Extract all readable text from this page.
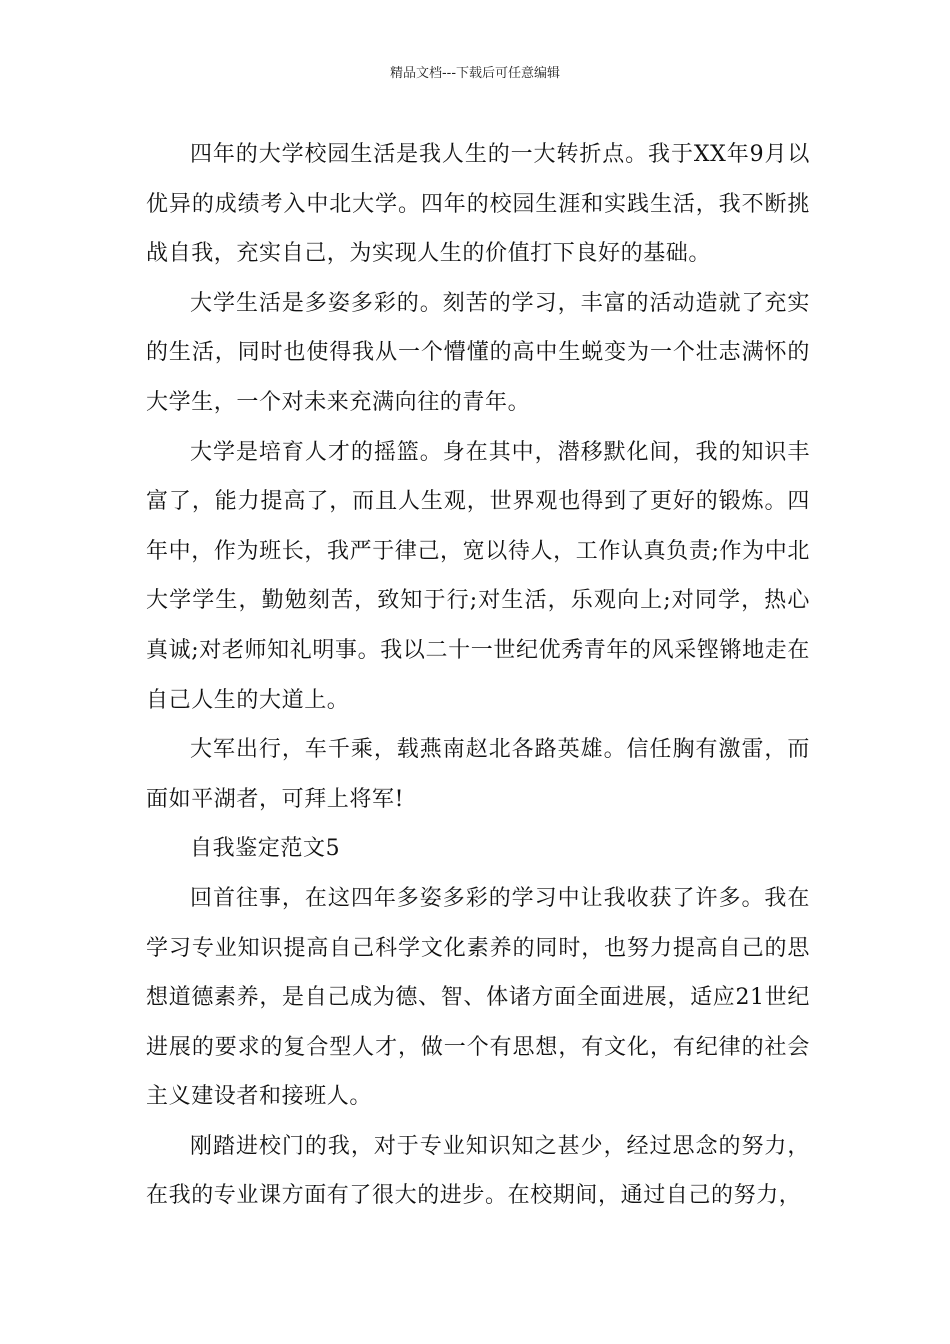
精品文档---下载后可任意编辑

四年的大学校园生活是我人生的一大转折点。我于XX年9月以优异的成绩考入中北大学。四年的校园生涯和实践生活，我不断挑战自我，充实自己，为实现人生的价值打下良好的基础。

大学生活是多姿多彩的。刻苦的学习，丰富的活动造就了充实的生活，同时也使得我从一个懵懂的高中生蜕变为一个壮志满怀的大学生，一个对未来充满向往的青年。

大学是培育人才的摇篮。身在其中，潜移默化间，我的知识丰富了，能力提高了，而且人生观，世界观也得到了更好的锻炼。四年中，作为班长，我严于律己，宽以待人，工作认真负责;作为中北大学学生，勤勉刻苦，致知于行;对生活，乐观向上;对同学，热心真诚;对老师知礼明事。我以二十一世纪优秀青年的风采铿锵地走在自己人生的大道上。

大军出行，车千乘，载燕南赵北各路英雄。信任胸有激雷，而面如平湖者，可拜上将军!

自我鉴定范文5

回首往事，在这四年多姿多彩的学习中让我收获了许多。我在学习专业知识提高自己科学文化素养的同时，也努力提高自己的思想道德素养，是自己成为德、智、体诸方面全面进展，适应21世纪进展的要求的复合型人才，做一个有思想，有文化，有纪律的社会主义建设者和接班人。

刚踏进校门的我，对于专业知识知之甚少，经过思念的努力，在我的专业课方面有了很大的进步。在校期间，通过自己的努力，
